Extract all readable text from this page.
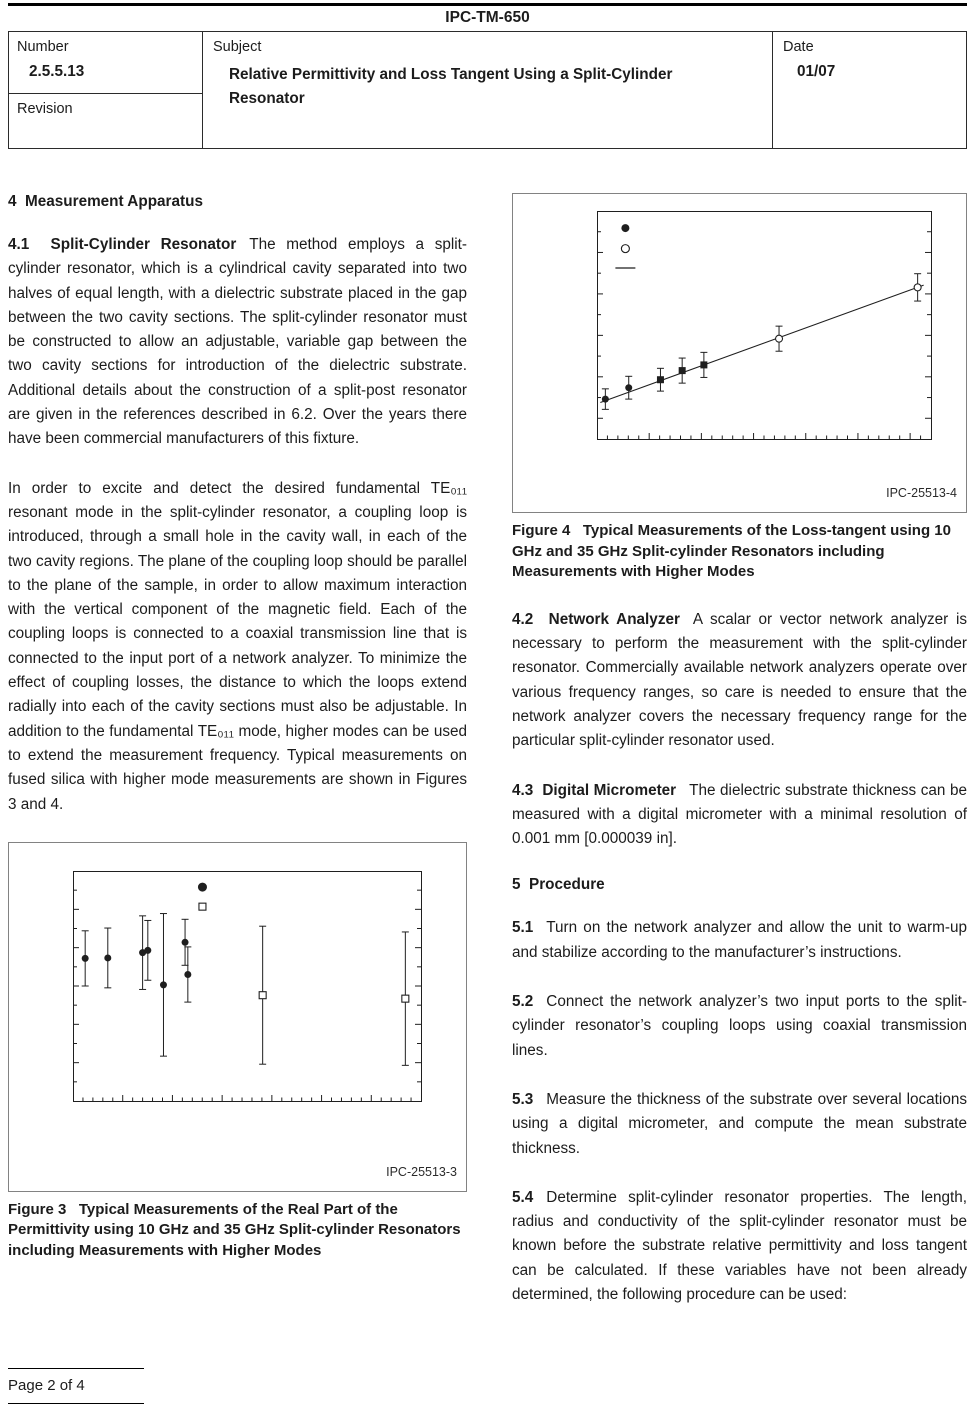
IPC-TM-650
Number
2.5.5.13
Revision
Subject
Relative Permittivity and Loss Tangent Using a Split-Cylinder Resonator
Date
01/07
4  Measurement Apparatus

4.1  Split-Cylinder Resonator The method employs a split-cylinder resonator, which is a cylindrical cavity separated into two halves of equal length, with a dielectric substrate placed in the gap between the two cavity sections. The split-cylinder resonator must be constructed to allow an adjustable, variable gap between the two cavity sections for introduction of the dielectric substrate. Additional details about the construction of a split-post resonator are given in the references described in 6.2. Over the years there have been commercial manufacturers of this fixture.

In order to excite and detect the desired fundamental TE₀₁₁ resonant mode in the split-cylinder resonator, a coupling loop is introduced, through a small hole in the cavity wall, in each of the two cavity regions. The plane of the coupling loop should be parallel to the plane of the sample, in order to allow maximum interaction with the vertical component of the magnetic field. Each of the coupling loops is connected to a coaxial transmission line that is connected to the input port of a network analyzer. To minimize the effect of coupling losses, the distance to which the loops extend radially into each of the cavity sections must also be adjustable. In addition to the fundamental TE₀₁₁ mode, higher modes can be used to extend the measurement frequency. Typical measurements on fused silica with higher mode measurements are shown in Figures 3 and 4.

IPC-25513-3

Figure 3   Typical Measurements of the Real Part of the Permittivity using 10 GHz and 35 GHz Split-cylinder Resonators including Measurements with Higher Modes

IPC-25513-4

Figure 4   Typical Measurements of the Loss-tangent using 10 GHz and 35 GHz Split-cylinder Resonators including Measurements with Higher Modes

4.2  Network Analyzer A scalar or vector network analyzer is necessary to perform the measurement with the split-cylinder resonator. Commercially available network analyzers operate over various frequency ranges, so care is needed to ensure that the network analyzer covers the necessary frequency range for the particular split-cylinder resonator used.

4.3  Digital Micrometer The dielectric substrate thickness can be measured with a digital micrometer with a minimal resolution of 0.001 mm [0.000039 in].

5  Procedure

5.1 Turn on the network analyzer and allow the unit to warm-up and stabilize according to the manufacturer’s instructions.

5.2 Connect the network analyzer’s two input ports to the split-cylinder resonator’s coupling loops using coaxial transmission lines.

5.3 Measure the thickness of the substrate over several locations using a digital micrometer, and compute the mean substrate thickness.

5.4 Determine split-cylinder resonator properties. The length, radius and conductivity of the split-cylinder resonator must be known before the substrate relative permittivity and loss tangent can be calculated. If these variables have not been already determined, the following procedure can be used:

Page 2 of 4
